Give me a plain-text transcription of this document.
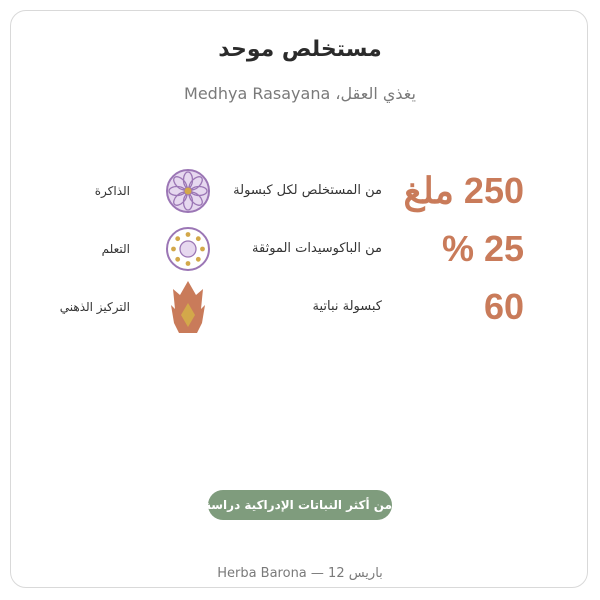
مستخلص موحد
يغذي العقل، Medhya Rasayana
250 ملغ
من المستخلص لكل كبسولة
الذاكرة
25 %
من الباكوسيدات الموثقة
التعلم
60
كبسولة نباتية
التركيز الذهني
من أكثر النباتات الإدراكية دراسة
باريس 12 — Herba Barona
